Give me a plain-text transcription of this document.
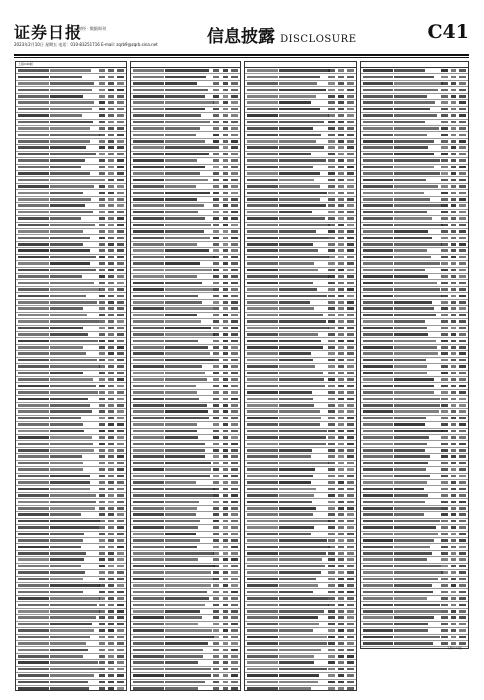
证券日报
财经 · 数据周刊
2023年2月10日 星期五 电话：010-83251716 E-mail: zqrb9@zqrb.sina.net	信息披露 DISCLOSURE	C41
上接C40版
下转C42版
